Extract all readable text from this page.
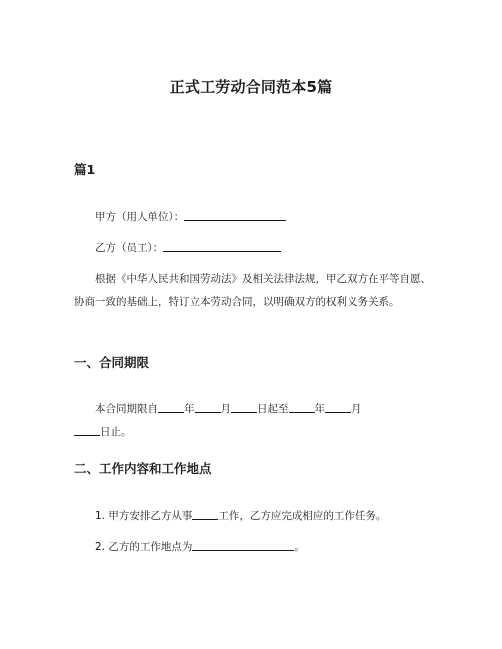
正式工劳动合同范本5篇
篇1
甲方（用人单位）：
乙方（员工）：
根据《中华人民共和国劳动法》及相关法律法规，甲乙双方在平等自愿、协商一致的基础上，特订立本劳动合同，以明确双方的权利义务关系。
一、合同期限
本合同期限自 年 月 日起至 年 月
日止。
二、工作内容和工作地点
1. 甲方安排乙方从事 工作，乙方应完成相应的工作任务。
2. 乙方的工作地点为	。
